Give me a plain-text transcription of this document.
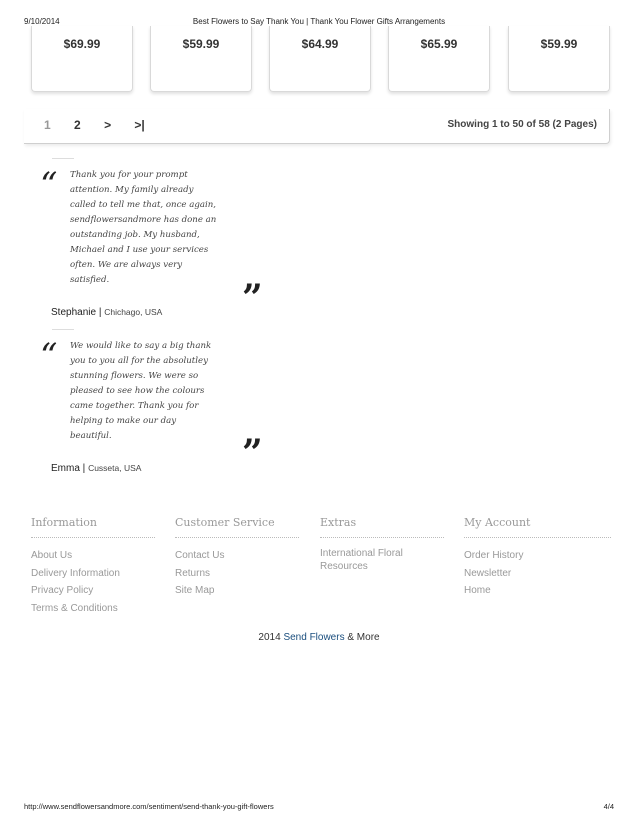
9/10/2014	Best Flowers to Say Thank You | Thank You Flower Gifts Arrangements
$69.99	$59.99	$64.99	$65.99	$59.99
1 2 > >|	Showing 1 to 50 of 58 (2 Pages)
“ Thank you for your prompt
attention. My family already
called to tell me that, once again,
sendflowersandmore has done an
outstanding job. My husband,
Michael and I use your services
often. We are always very
satisfied.	”
Stephanie | Chichago, USA
“ We would like to say a big thank
you to you all for the absolutley
stunning flowers. We were so
pleased to see how the colours
came together. Thank you for
helping to make our day
beautiful.	”
Emma | Cusseta, USA
Information
About Us
Delivery Information
Privacy Policy
Terms & Conditions
Customer Service
Contact Us
Returns
Site Map
Extras
International Floral Resources
My Account
Order History
Newsletter
Home
2014 Send Flowers & More
http://www.sendflowersandmore.com/sentiment/send-thank-you-gift-flowers	4/4
